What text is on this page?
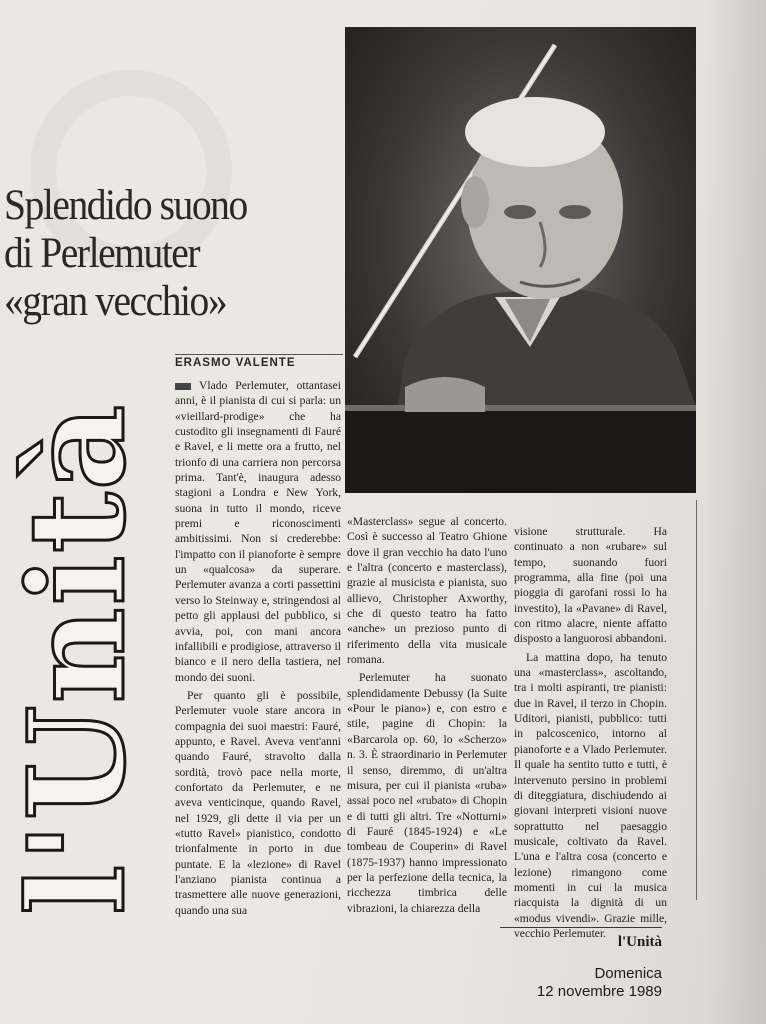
Splendido suono
di Perlemuter
«gran vecchio»
l'Unità
ERASMO VALENTE

Vlado Perlemuter, ottantasei anni, è il pianista di cui si parla: un «vieillard-prodige» che ha custodito gli insegnamenti di Fauré e Ravel, e li mette ora a frutto, nel trionfo di una carriera non percorsa prima. Tant'è, inaugura adesso stagioni a Londra e New York, suona in tutto il mondo, riceve premi e riconoscimenti ambitissimi. Non si crederebbe: l'impatto con il pianoforte è sempre un «qualcosa» da superare. Perlemuter avanza a corti passettini verso lo Steinway e, stringendosi al petto gli applausi del pubblico, si avvia, poi, con mani ancora infallibili e prodigiose, attraverso il bianco e il nero della tastiera, nel mondo dei suoni.

Per quanto gli è possibile, Perlemuter vuole stare ancora in compagnia dei suoi maestri: Fauré, appunto, e Ravel. Aveva vent'anni quando Fauré, stravolto dalla sordità, trovò pace nella morte, confortato da Perlemuter, e ne aveva venticinque, quando Ravel, nel 1929, gli dette il via per un «tutto Ravel» pianistico, condotto trionfalmente in porto in due puntate. E la «lezione» di Ravel l'anziano pianista continua a trasmettere alle nuove generazioni, quando una sua

«Masterclass» segue al concerto. Così è successo al Teatro Ghione dove il gran vecchio ha dato l'uno e l'altra (concerto e masterclass), grazie al musicista e pianista, suo allievo, Christopher Axworthy, che di questo teatro ha fatto «anche» un prezioso punto di riferimento della vita musicale romana.

Perlemuter ha suonato splendidamente Debussy (la Suite «Pour le piano») e, con estro e stile, pagine di Chopin: la «Barcarola op. 60, lo «Scherzo» n. 3. È straordinario in Perlemuter il senso, diremmo, di un'altra misura, per cui il pianista «ruba» assai poco nel «rubato» di Chopin e di tutti gli altri. Tre «Notturni» di Fauré (1845-1924) e «Le tombeau de Couperin» di Ravel (1875-1937) hanno impressionato per la perfezione della tecnica, la ricchezza timbrica delle vibrazioni, la chiarezza della

visione strutturale. Ha continuato a non «rubare» sul tempo, suonando fuori programma, alla fine (poi una pioggia di garofani rossi lo ha investito), la «Pavane» di Ravel, con ritmo alacre, niente affatto disposto a languorosi abbandoni.

La mattina dopo, ha tenuto una «masterclass», ascoltando, tra i molti aspiranti, tre pianisti: due in Ravel, il terzo in Chopin. Uditori, pianisti, pubblico: tutti in palcoscenico, intorno al pianoforte e a Vlado Perlemuter. Il quale ha sentito tutto e tutti, è intervenuto persino in problemi di diteggiatura, dischiudendo ai giovani interpreti visioni nuove soprattutto nel paesaggio musicale, coltivato da Ravel. L'una e l'altra cosa (concerto e lezione) rimangono come momenti in cui la musica riacquista la dignità di un «modus vivendi». Grazie mille, vecchio Perlemuter.

l'Unità
Domenica
12 novembre 1989
